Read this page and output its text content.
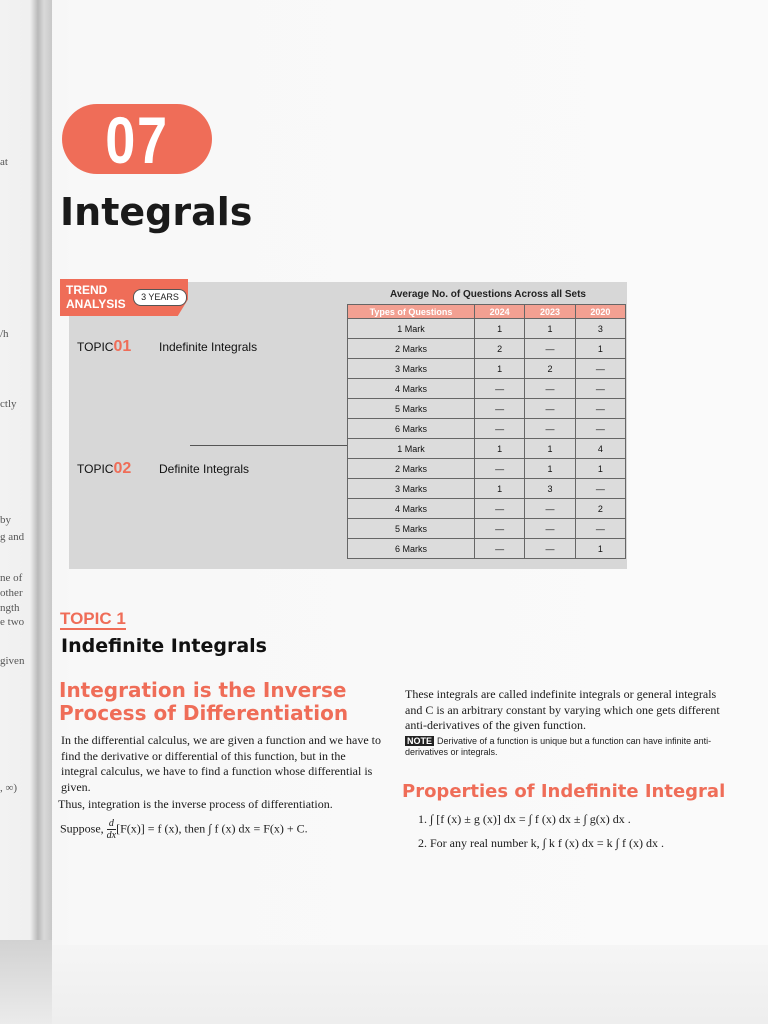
at
/h
ctly
by
g and
ne of
other
ngth
e two
given
, ∞)
07
Integrals
TREND
ANALYSIS	3 YEARS	Average No. of Questions Across all Sets
TOPIC01 Indefinite Integrals
TOPIC02 Definite Integrals
Types of Questions	2024	2023	2020
1 Mark	1	1	3
2 Marks	2	—	1
3 Marks	1	2	—
4 Marks	—	—	—
5 Marks	—	—	—
6 Marks	—	—	—
1 Mark	1	1	4
2 Marks	—	1	1
3 Marks	1	3	—
4 Marks	—	—	2
5 Marks	—	—	—
6 Marks	—	—	1
TOPIC 1
Indefinite Integrals
Integration is the Inverse Process of Differentiation
In the differential calculus, we are given a function and we have to find the derivative or differential of this function, but in the integral calculus, we have to find a function whose differential is given.
Thus, integration is the inverse process of differentiation.
Suppose, $\frac{d}{dx} [F(x)] = f$ (x), then ∫ f (x) dx = F(x) + C.
These integrals are called indefinite integrals or general integrals and C is an arbitrary constant by varying which one gets different anti-derivatives of the given function.
NOTE Derivative of a function is unique but a function can have infinite anti-derivatives or integrals.
Properties of Indefinite Integral
1. ∫ [f (x) ± g (x)] dx = ∫ f (x) dx ± ∫ g(x) dx .
2. For any real number k, ∫ k f (x) dx = k ∫ f (x) dx .
